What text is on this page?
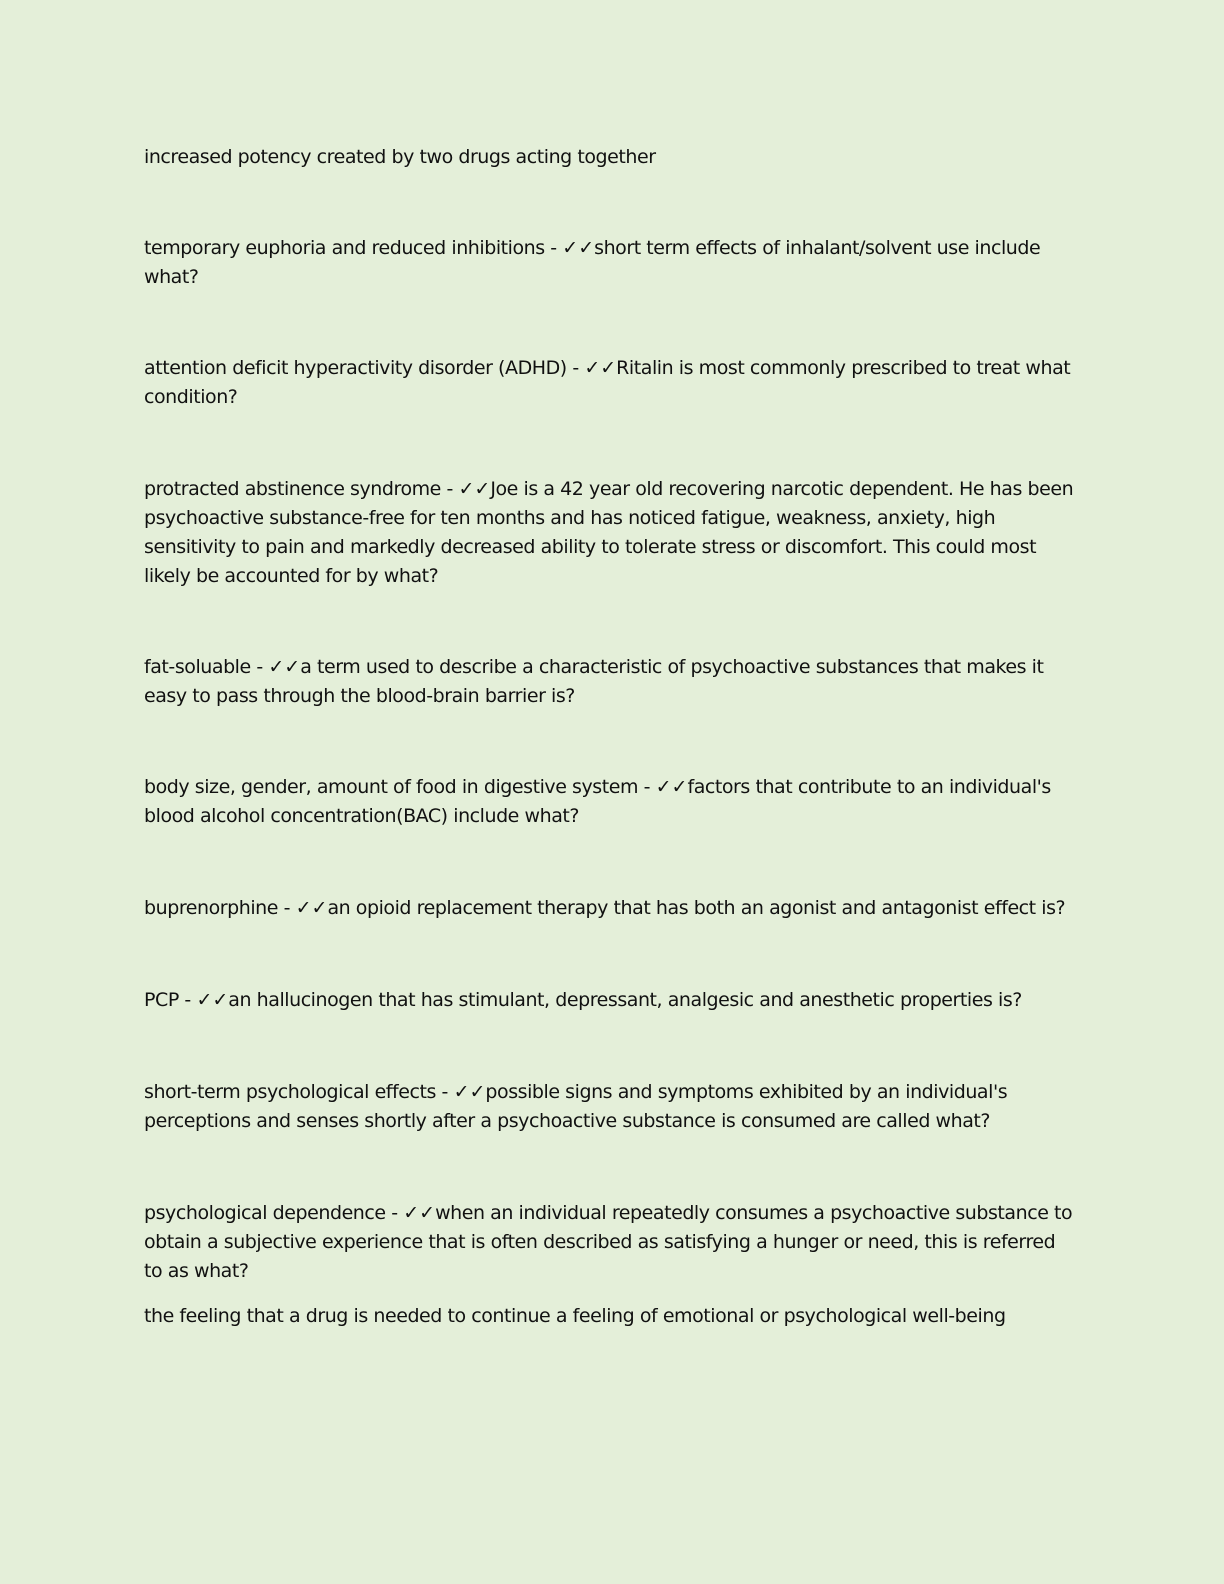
increased potency created by two drugs acting together

temporary euphoria and reduced inhibitions - ✓✓short term effects of inhalant/solvent use include what?

attention deficit hyperactivity disorder (ADHD) - ✓✓Ritalin is most commonly prescribed to treat what condition?

protracted abstinence syndrome - ✓✓Joe is a 42 year old recovering narcotic dependent. He has been psychoactive substance-free for ten months and has noticed fatigue, weakness, anxiety, high sensitivity to pain and markedly decreased ability to tolerate stress or discomfort. This could most likely be accounted for by what?

fat-soluable - ✓✓a term used to describe a characteristic of psychoactive substances that makes it easy to pass through the blood-brain barrier is?

body size, gender, amount of food in digestive system - ✓✓factors that contribute to an individual's blood alcohol concentration(BAC) include what?

buprenorphine - ✓✓an opioid replacement therapy that has both an agonist and antagonist effect is?

PCP - ✓✓an hallucinogen that has stimulant, depressant, analgesic and anesthetic properties is?

short-term psychological effects - ✓✓possible signs and symptoms exhibited by an individual's perceptions and senses shortly after a psychoactive substance is consumed are called what?

psychological dependence - ✓✓when an individual repeatedly consumes a psychoactive substance to obtain a subjective experience that is often described as satisfying a hunger or need, this is referred to as what?

the feeling that a drug is needed to continue a feeling of emotional or psychological well-being
